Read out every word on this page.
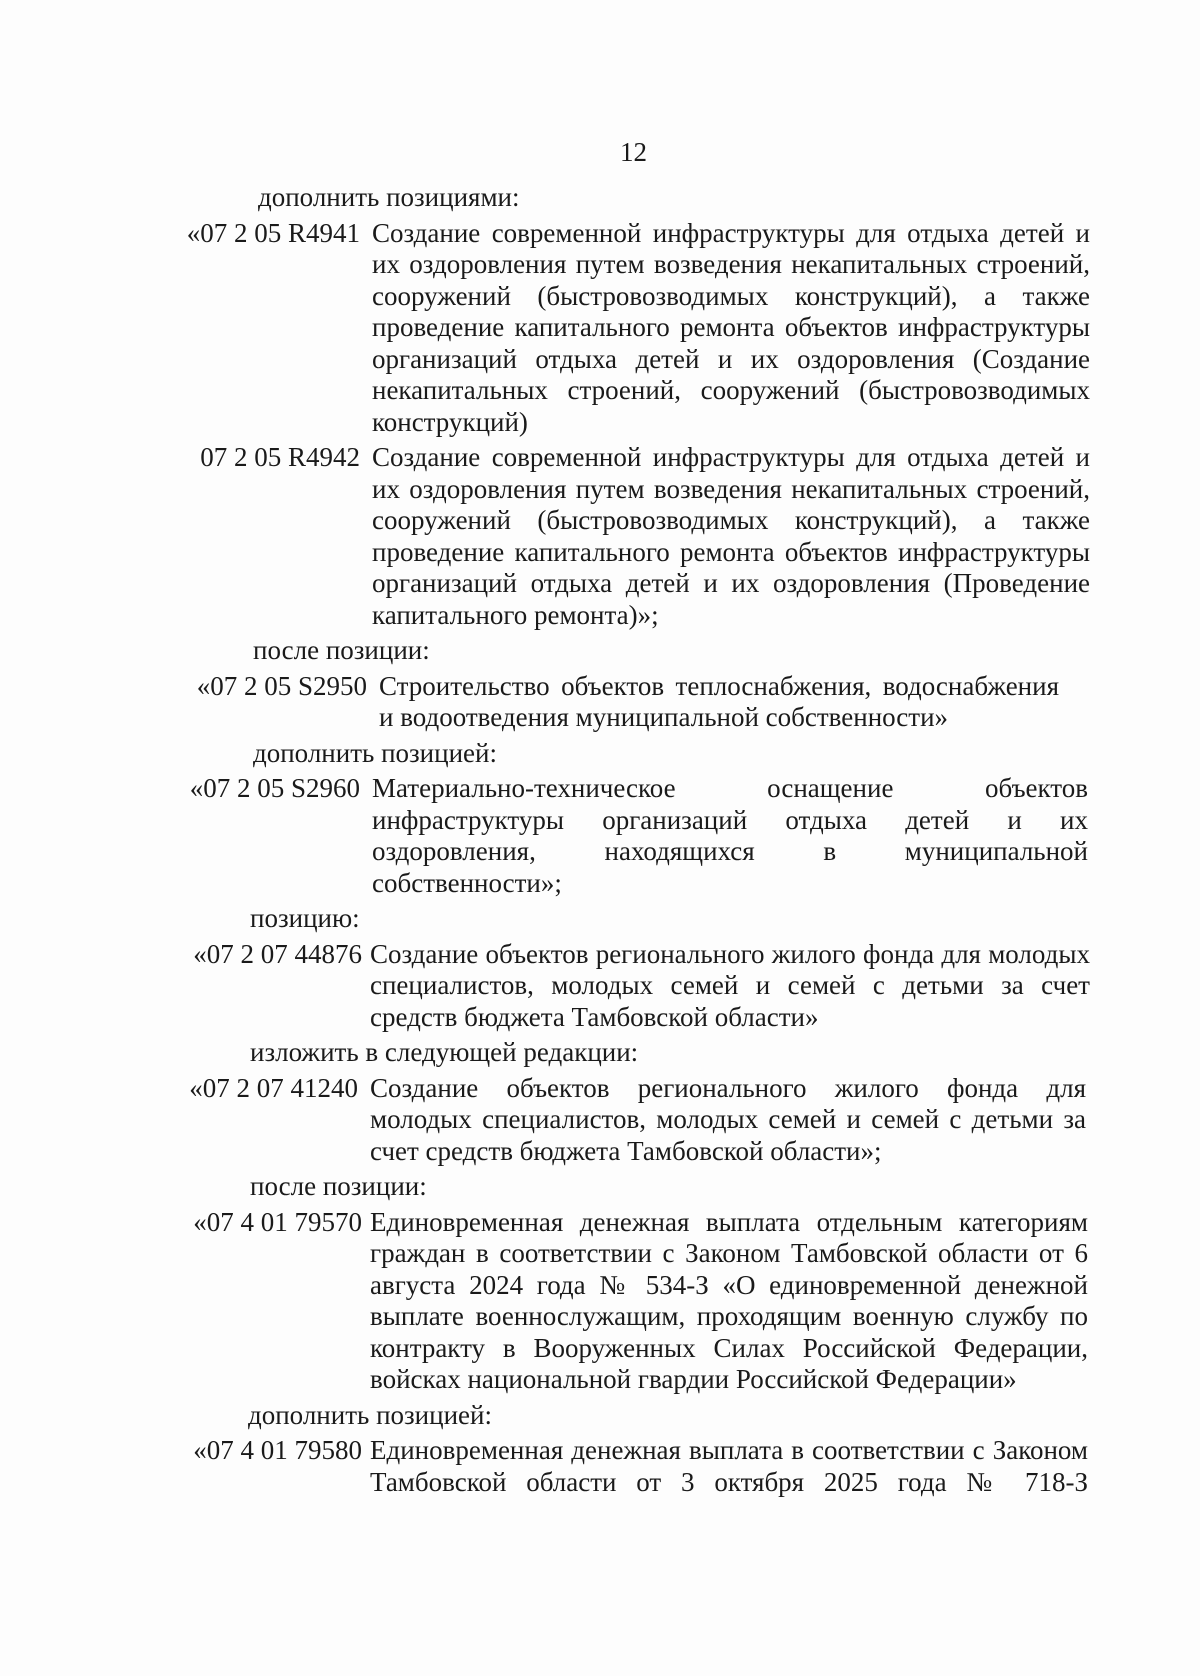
12
дополнить позициями:
«07 2 05 R4941 Создание современной инфраструктуры для отдыха детей и их оздоровления путем возведения некапитальных строений, сооружений (быстровозводимых конструкций), а также проведение капитального ремонта объектов инфраструктуры организаций отдыха детей и их оздоровления (Создание некапитальных строений, сооружений (быстровозводимых конструкций)
07 2 05 R4942 Создание современной инфраструктуры для отдыха детей и их оздоровления путем возведения некапитальных строений, сооружений (быстровозводимых конструкций), а также проведение капитального ремонта объектов инфраструктуры организаций отдыха детей и их оздоровления (Проведение капитального ремонта)»;
после позиции:
«07 2 05 S2950 Строительство объектов теплоснабжения, водоснабжения и водоотведения муниципальной собственности»
дополнить позицией:
«07 2 05 S2960 Материально-техническое оснащение объектов инфраструктуры организаций отдыха детей и их оздоровления, находящихся в муниципальной собственности»;
позицию:
«07 2 07 44876 Создание объектов регионального жилого фонда для молодых специалистов, молодых семей и семей с детьми за счет средств бюджета Тамбовской области»
изложить в следующей редакции:
«07 2 07 41240 Создание объектов регионального жилого фонда для молодых специалистов, молодых семей и семей с детьми за счет средств бюджета Тамбовской области»;
после позиции:
«07 4 01 79570 Единовременная денежная выплата отдельным категориям граждан в соответствии с Законом Тамбовской области от 6 августа 2024 года № 534-З «О единовременной денежной выплате военнослужащим, проходящим военную службу по контракту в Вооруженных Силах Российской Федерации, войсках национальной гвардии Российской Федерации»
дополнить позицией:
«07 4 01 79580 Единовременная денежная выплата в соответствии с Законом Тамбовской области от 3 октября 2025 года № 718-З
